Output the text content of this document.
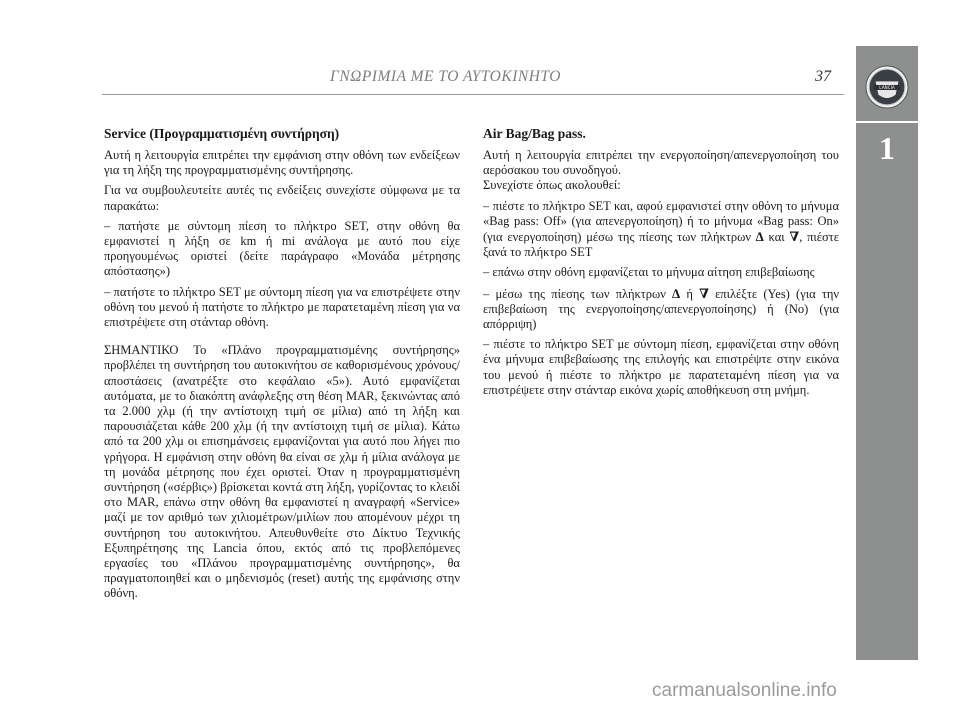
ΓΝΩΡΙΜΙΑ ΜΕ ΤΟ ΑΥΤΟΚΙΝΗΤΟ	37
LANCIA
1
Service (Προγραμματισμένη συντήρηση)

Αυτή η λειτουργία επιτρέπει την εμφάνιση στην οθόνη των ενδείξεων για τη λήξη της προγραμματισμένης συντήρησης.

Για να συμβουλευτείτε αυτές τις ενδείξεις συνεχίστε σύμφωνα με τα παρακάτω:

– πατήστε με σύντομη πίεση το πλήκτρο SET, στην οθόνη θα εμφανιστεί η λήξη σε km ή mi ανάλογα με αυτό που είχε προηγουμένως οριστεί (δείτε παράγραφο «Μονάδα μέτρησης απόστασης»)

– πατήστε το πλήκτρο SET με σύντομη πίεση για να επιστρέψετε στην οθόνη του μενού ή πατήστε το πλήκτρο με παρατεταμένη πίεση για να επιστρέψετε στη στάνταρ οθόνη.

ΣΗΜΑΝΤΙΚΟ Το «Πλάνο προγραμματισμένης συντήρησης» προβλέπει τη συντήρηση του αυτοκινήτου σε καθορισμένους χρόνους/αποστάσεις (ανατρέξτε στο κεφάλαιο «5»). Αυτό εμφανίζεται αυτόματα, με το διακόπτη ανάφλεξης στη θέση MAR, ξεκινώντας από τα 2.000 χλμ (ή την αντίστοιχη τιμή σε μίλια) από τη λήξη και παρουσιάζεται κάθε 200 χλμ (ή την αντίστοιχη τιμή σε μίλια). Κάτω από τα 200 χλμ οι επισημάνσεις εμφανίζονται για αυτό που λήγει πιο γρήγορα. Η εμφάνιση στην οθόνη θα είναι σε χλμ ή μίλια ανάλογα με τη μονάδα μέτρησης που έχει οριστεί. Όταν η προγραμματισμένη συντήρηση («σέρβις») βρίσκεται κοντά στη λήξη, γυρίζοντας το κλειδί στο MAR, επάνω στην οθόνη θα εμφανιστεί η αναγραφή «Service» μαζί με τον αριθμό των χιλιομέτρων/μιλίων που απομένουν μέχρι τη συντήρηση του αυτοκινήτου. Απευθυνθείτε στο Δίκτυο Τεχνικής Εξυπηρέτησης της Lancia όπου, εκτός από τις προβλεπόμενες εργασίες του «Πλάνου προγραμματισμένης συντήρησης», θα πραγματοποιηθεί και ο μηδενισμός (reset) αυτής της εμφάνισης στην οθόνη.

Air Bag/Bag pass.

Αυτή η λειτουργία επιτρέπει την ενεργοποίηση/απενεργοποίηση του αερόσακου του συνοδηγού.

Συνεχίστε όπως ακολουθεί:

– πιέστε το πλήκτρο SET και, αφού εμφανιστεί στην οθόνη το μήνυμα «Bag pass: Off» (για απενεργοποίηση) ή το μήνυμα «Bag pass: On» (για ενεργοποίηση) μέσω της πίεσης των πλήκτρων ∆ και ∇, πιέστε ξανά το πλήκτρο SET

– επάνω στην οθόνη εμφανίζεται το μήνυμα αίτηση επιβεβαίωσης

– μέσω της πίεσης των πλήκτρων ∆ ή ∇ επιλέξτε (Yes) (για την επιβεβαίωση της ενεργοποίησης/απενεργοποίησης) ή (No) (για απόρριψη)

– πιέστε το πλήκτρο SET με σύντομη πίεση, εμφανίζεται στην οθόνη ένα μήνυμα επιβεβαίωσης της επιλογής και επιστρέψτε στην εικόνα του μενού ή πιέστε το πλήκτρο με παρατεταμένη πίεση για να επιστρέψετε στην στάνταρ εικόνα χωρίς αποθήκευση στη μνήμη.

carmanualsonline.info
